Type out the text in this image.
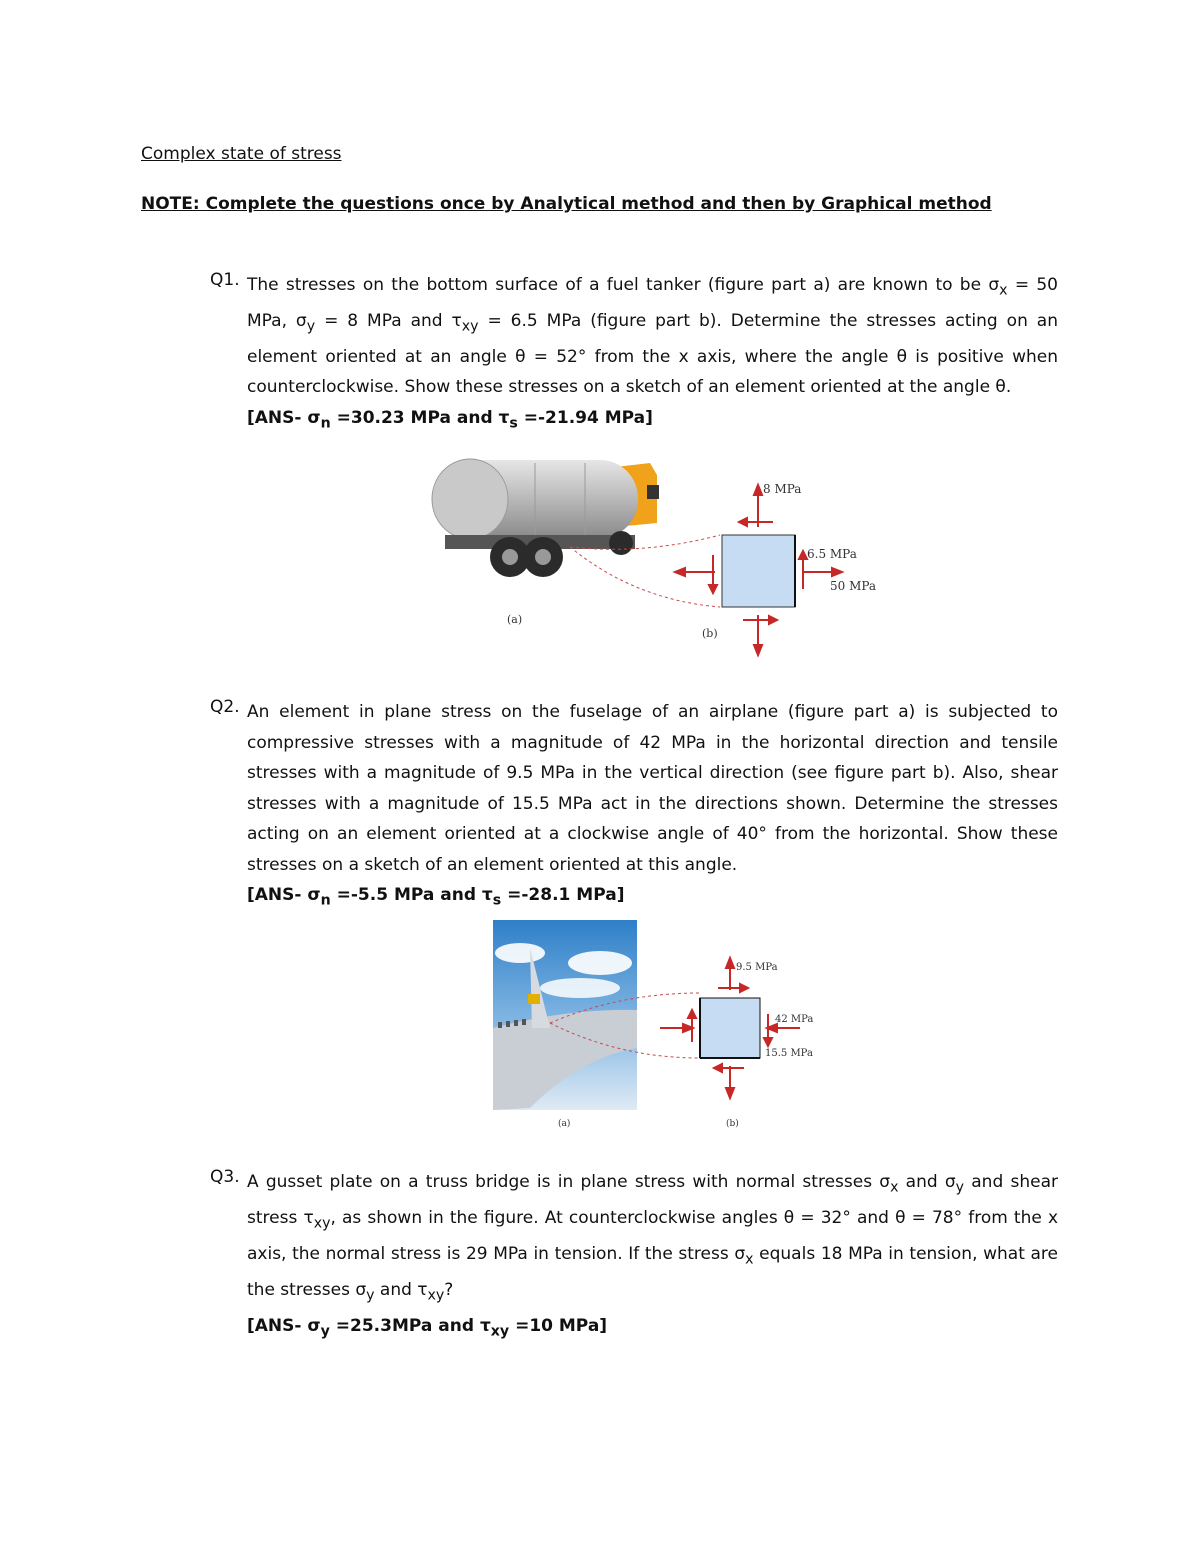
Complex state of stress
NOTE: Complete the questions once by Analytical method and then by Graphical method
Q1. The stresses on the bottom surface of a fuel tanker (figure part a) are known to be $\sigma_x = 50$ MPa, $\sigma_y = 8$ MPa and $\tau_{xy} = 6.5$ MPa (figure part b). Determine the stresses acting on an element oriented at an angle θ = 52° from the x axis, where the angle θ is positive when counterclockwise. Show these stresses on a sketch of an element oriented at the angle θ.
[ANS- $\sigma_n =30.23$ MPa and $\tau_s =-21.94$ MPa]
8 MPa
6.5 MPa
50 MPa
(a)
(b)
Q2. An element in plane stress on the fuselage of an airplane (figure part a) is subjected to compressive stresses with a magnitude of 42 MPa in the horizontal direction and tensile stresses with a magnitude of 9.5 MPa in the vertical direction (see figure part b). Also, shear stresses with a magnitude of 15.5 MPa act in the directions shown. Determine the stresses acting on an element oriented at a clockwise angle of 40° from the horizontal. Show these stresses on a sketch of an element oriented at this angle.
[ANS- $\sigma_n =-5.5$ MPa and $\tau_s =-28.1$ MPa]
9.5 MPa
42 MPa
15.5 MPa
(a)	(b)
Q3. A gusset plate on a truss bridge is in plane stress with normal stresses $\sigma_x$ and $\sigma_y$ and shear stress $\tau_{xy}$, as shown in the figure. At counterclockwise angles θ = 32° and θ = 78° from the x axis, the normal stress is 29 MPa in tension. If the stress $\sigma_x$ equals 18 MPa in tension, what are the stresses $\sigma_y$ and $\tau_{xy}$?
[ANS- $\sigma_y =25.3MPa$ and $\tau_{xy} =10$ MPa]
